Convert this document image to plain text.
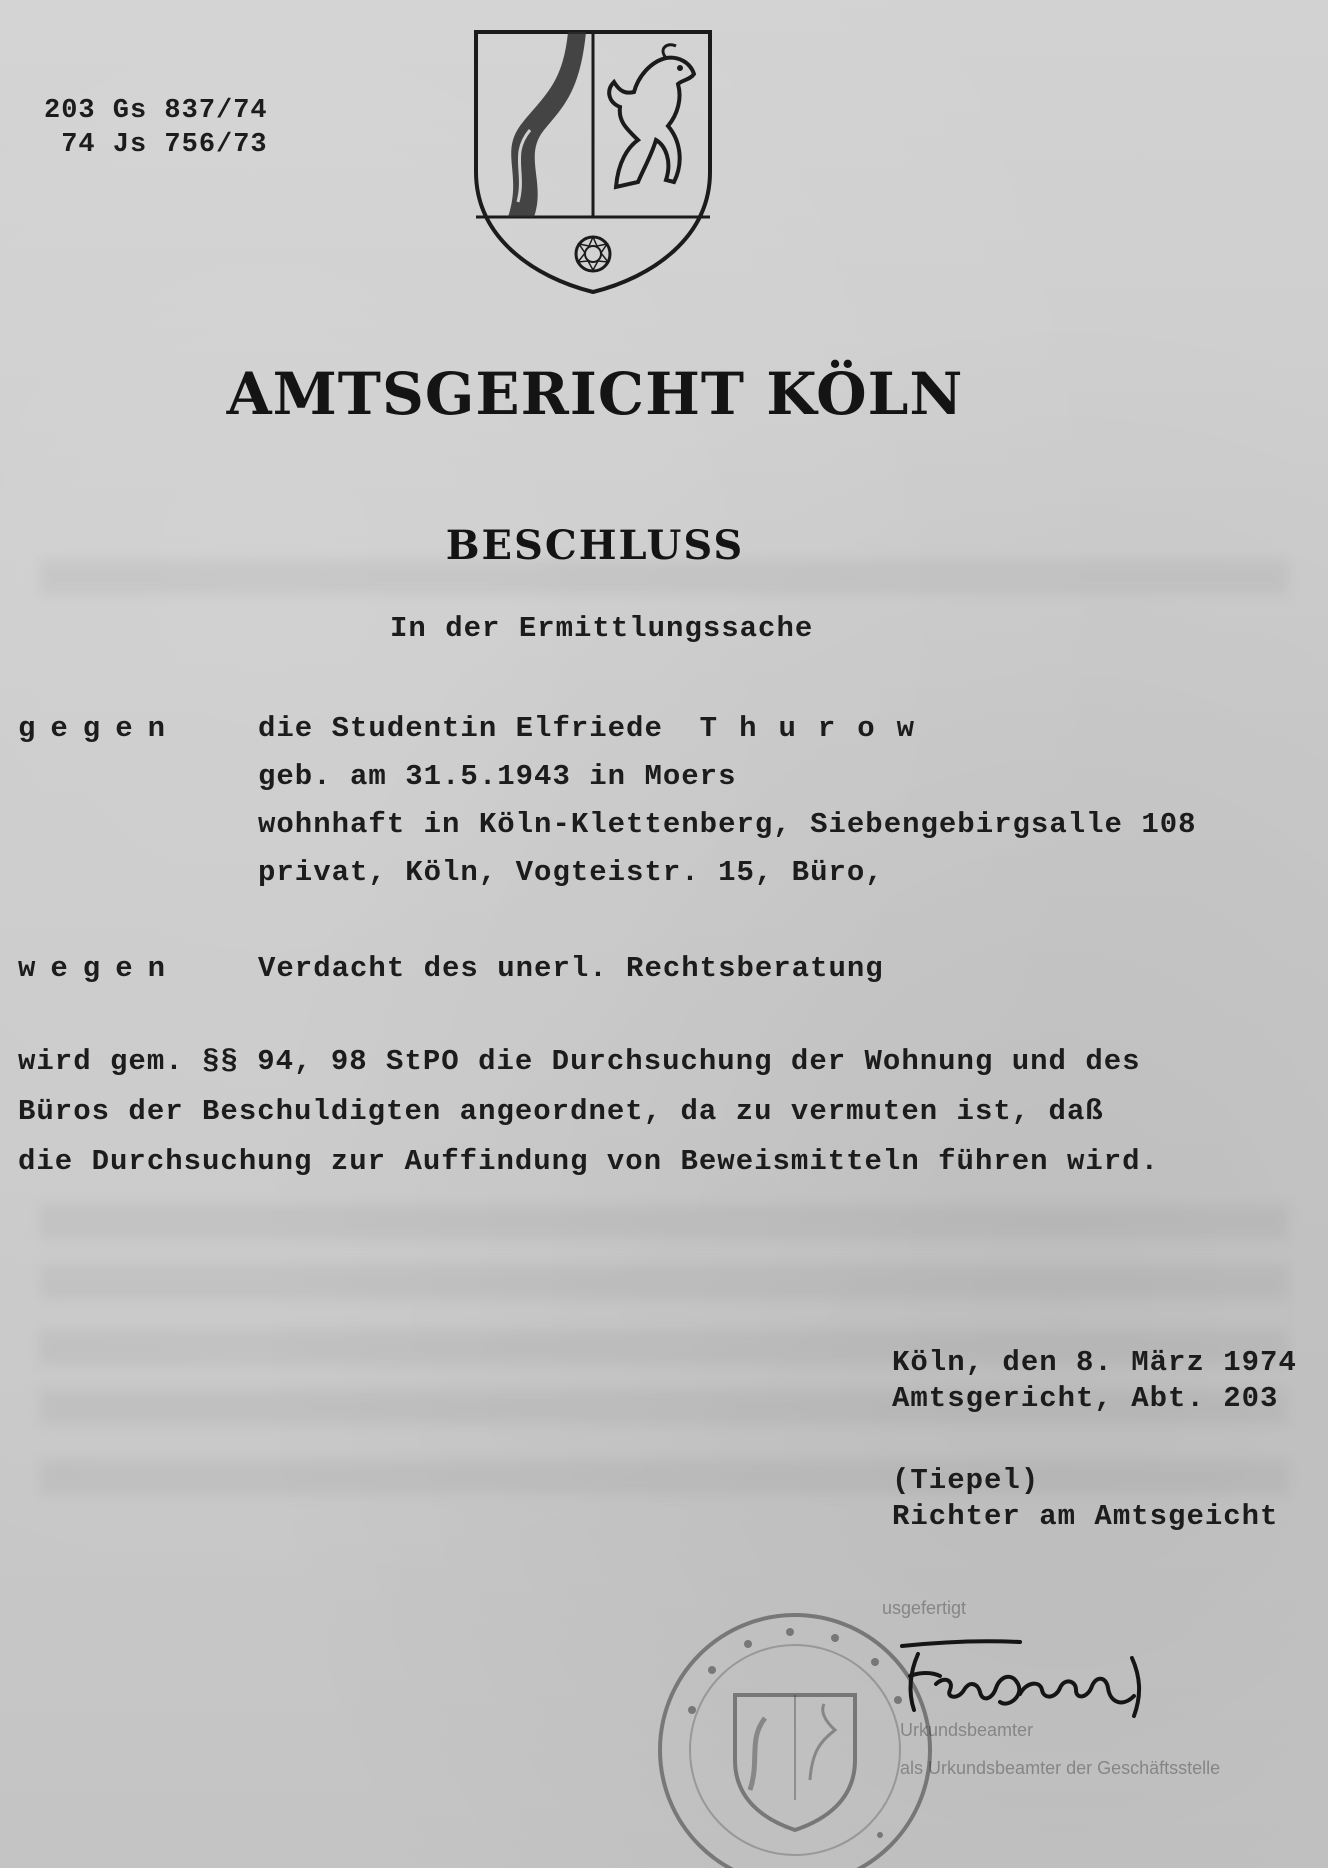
203 Gs 837/74

74 Js 756/73

AMTSGERICHT KÖLN
BESCHLUSS

In der Ermittlungssache

gegen	die Studentin Elfriede  Thurow

geb. am 31.5.1943 in Moers

wohnhaft in Köln-Klettenberg, Siebengebirgsalle 108

privat, Köln, Vogteistr. 15, Büro,

wegen	Verdacht des unerl. Rechtsberatung

wird gem. §§ 94, 98 StPO die Durchsuchung der Wohnung und des

Büros der Beschuldigten angeordnet, da zu vermuten ist, daß

die Durchsuchung zur Auffindung von Beweismitteln führen wird.

Köln, den 8. März 1974

Amtsgericht, Abt. 203

(Tiepel)

Richter am Amtsgeicht

usgefertigt
Urkundsbeamter
als Urkundsbeamter der Geschäftsstelle
